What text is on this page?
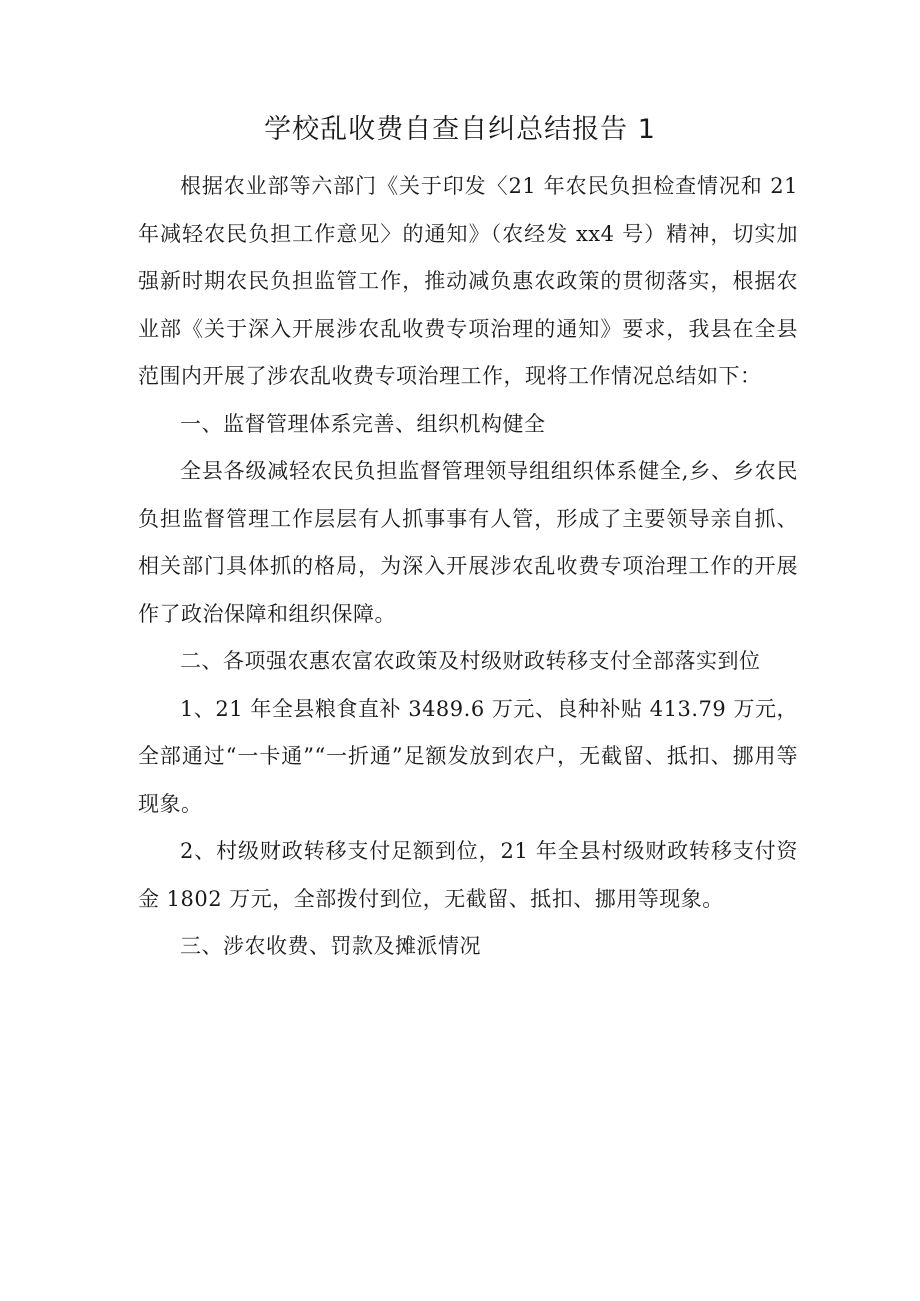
学校乱收费自查自纠总结报告 1

根据农业部等六部门《关于印发〈21 年农民负担检查情况和 21 年减轻农民负担工作意见〉的通知》（农经发 xx4 号）精神，切实加强新时期农民负担监管工作，推动减负惠农政策的贯彻落实，根据农业部《关于深入开展涉农乱收费专项治理的通知》要求，我县在全县范围内开展了涉农乱收费专项治理工作，现将工作情况总结如下：

一、监督管理体系完善、组织机构健全

全县各级减轻农民负担监督管理领导组组织体系健全,乡、乡农民负担监督管理工作层层有人抓事事有人管，形成了主要领导亲自抓、相关部门具体抓的格局，为深入开展涉农乱收费专项治理工作的开展作了政治保障和组织保障。

二、各项强农惠农富农政策及村级财政转移支付全部落实到位

1、21 年全县粮食直补 3489.6 万元、良种补贴 413.79 万元，全部通过“一卡通”“一折通”足额发放到农户，无截留、抵扣、挪用等现象。

2、村级财政转移支付足额到位，21 年全县村级财政转移支付资金 1802 万元，全部拨付到位，无截留、抵扣、挪用等现象。

三、涉农收费、罚款及摊派情况
